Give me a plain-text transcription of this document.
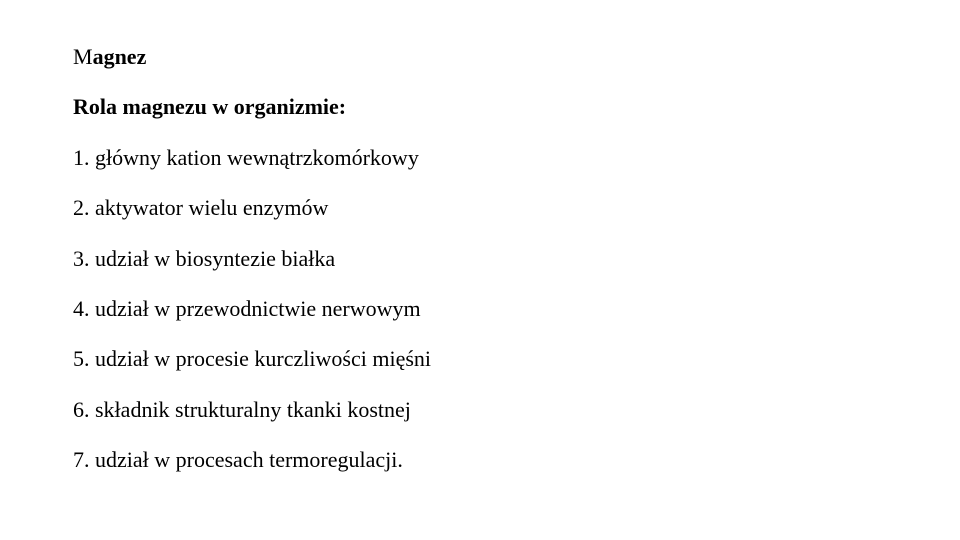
Magnez
Rola magnezu w organizmie:
1. główny kation wewnątrzkomórkowy
2. aktywator wielu enzymów
3. udział w biosyntezie białka
4. udział w przewodnictwie nerwowym
5. udział w procesie kurczliwości mięśni
6. składnik strukturalny tkanki kostnej
7. udział w procesach termoregulacji.
